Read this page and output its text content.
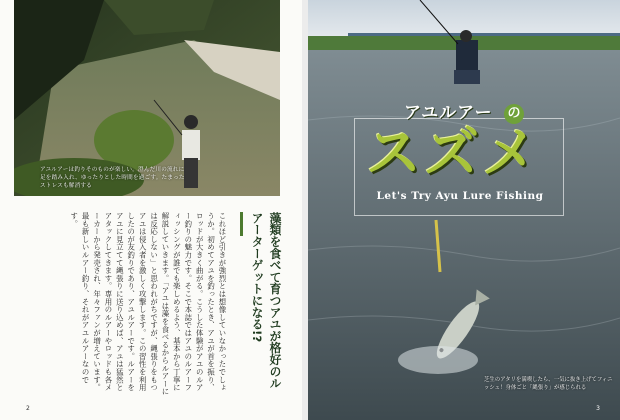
アユルアーは釣りそのものが楽しい。澄んだ川の流れに足を踏み入れ、ゆったりとした時間を過ごす。たまったストレスも解消する
藻類を食べて育つアユが格好のルアーターゲットになる!?
これほど引きが強烈とは想像していなかったでしょうか。初めてアユを釣ったとき、アユが首を振り、ロッドが大きく曲がる。こうした体験がアユのルアー釣りの魅力です。そこで本誌ではアユのルアーフィッシングが誰でも楽しめるよう、基本から丁寧に解説していきます。「アユは藻を食べるからルアーには反応しない」と思われがちですが、縄張りをもつアユは侵入者を激しく攻撃します。この習性を利用したのが友釣りであり、アユルアーです。ルアーをアユに見立てて縄張りに送り込めば、アユは猛然とアタックしてきます。専用のルアーやロッドも各メーカーから発売され、年々ファンが増えています。最も新しいルアー釣り、それがアユルアーなのです。
2
アユルアー の
スズメ
Let's Try Ayu Lure Fishing
芝生のアタリを満喫したら、一気に抜き上げてフィニッシュ！身体ごと「縄張り」が感じられる
3
